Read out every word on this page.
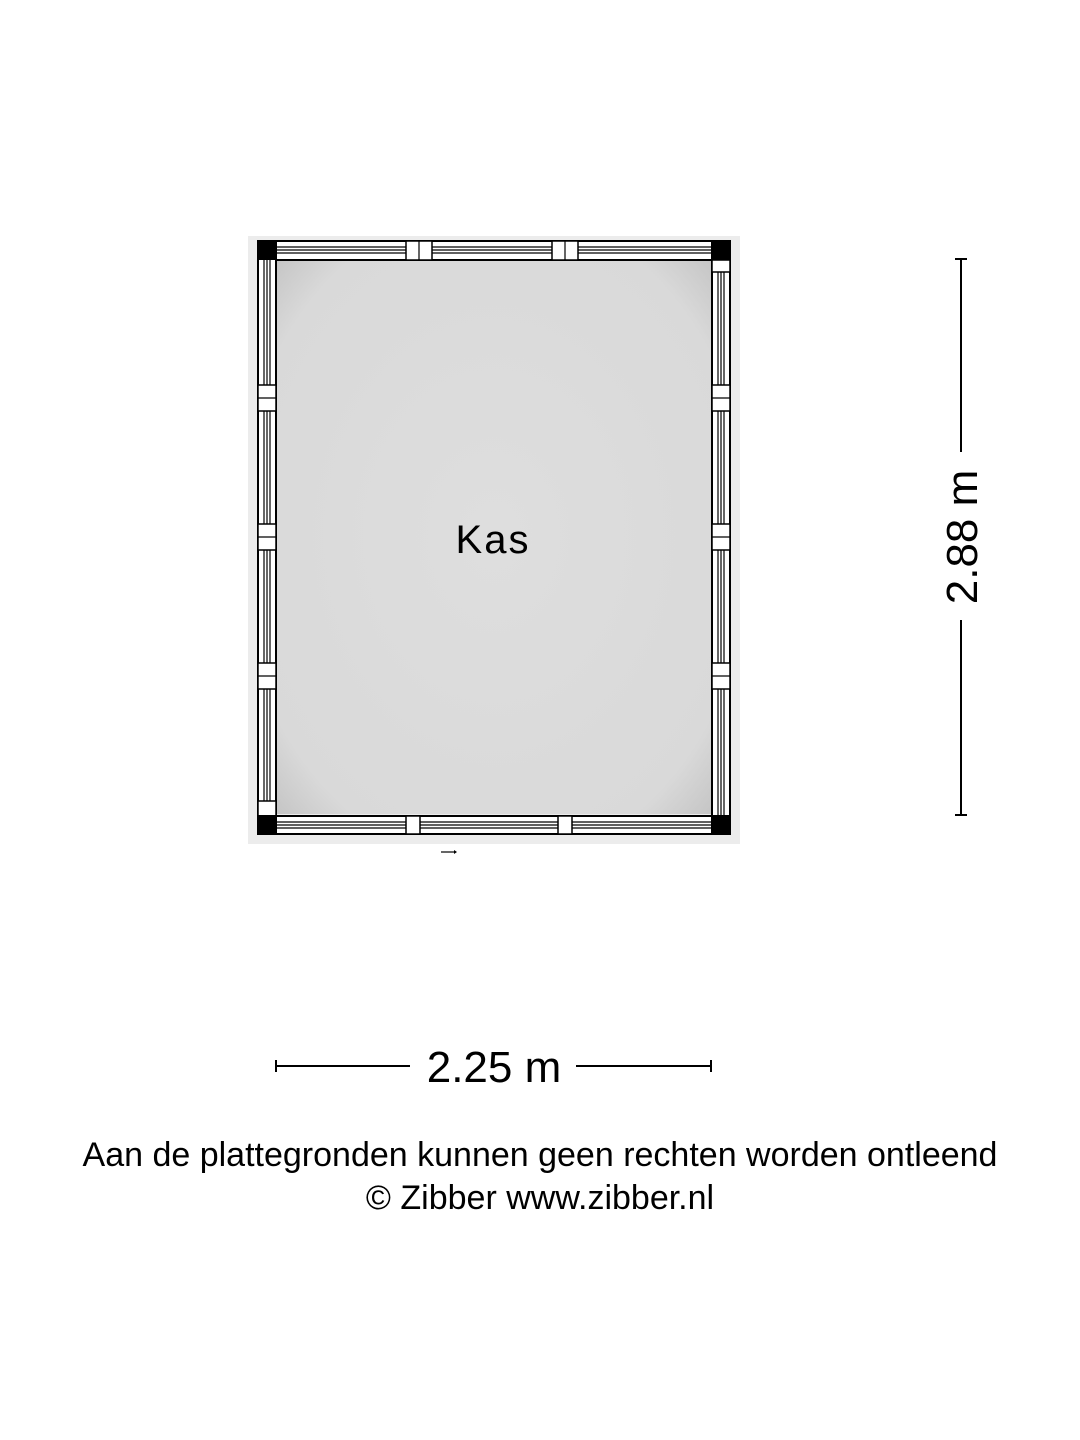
Kas	2.88 m
2.25 m
Aan de plattegronden kunnen geen rechten worden ontleend
© Zibber www.zibber.nl
